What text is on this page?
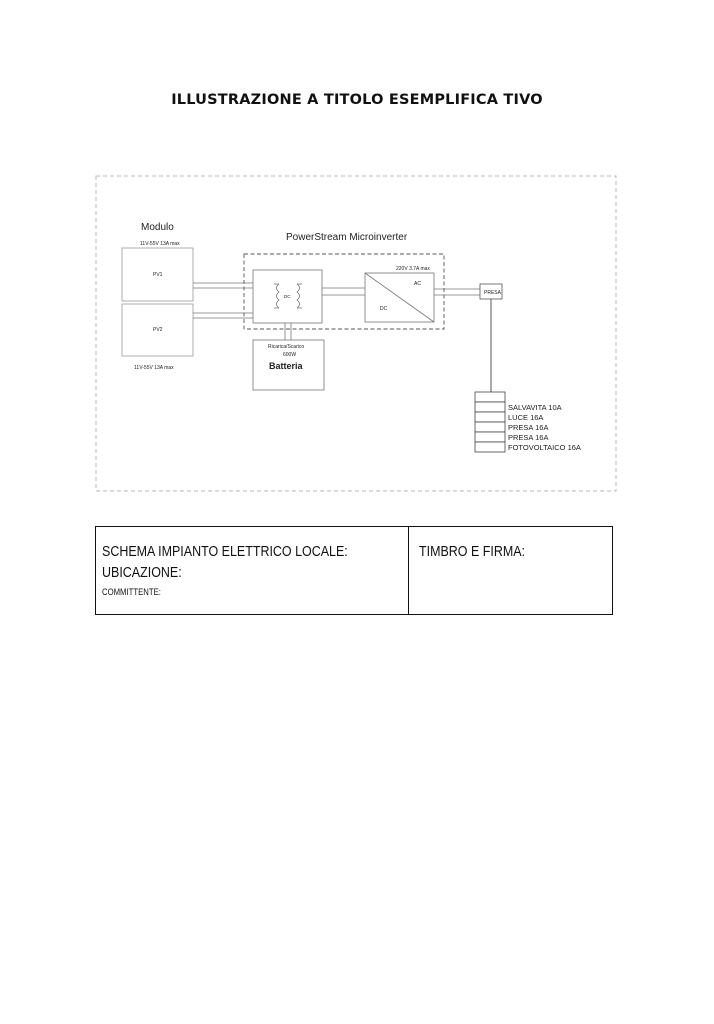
ILLUSTRAZIONE A TITOLO ESEMPLIFICA TIVO
Modulo
11V-55V 13A max
PV1
PV2
11V-55V 13A max
PowerStream Microinverter
DC
220V 3.7A max
AC
DC
PRESA
Ricarica/Scarico
600W
Batteria
SALVAVITA 10A
LUCE 16A
PRESA 16A
PRESA 16A
FOTOVOLTAICO 16A
SCHEMA IMPIANTO ELETTRICO LOCALE:
UBICAZIONE:
COMMITTENTE:
TIMBRO E FIRMA:
